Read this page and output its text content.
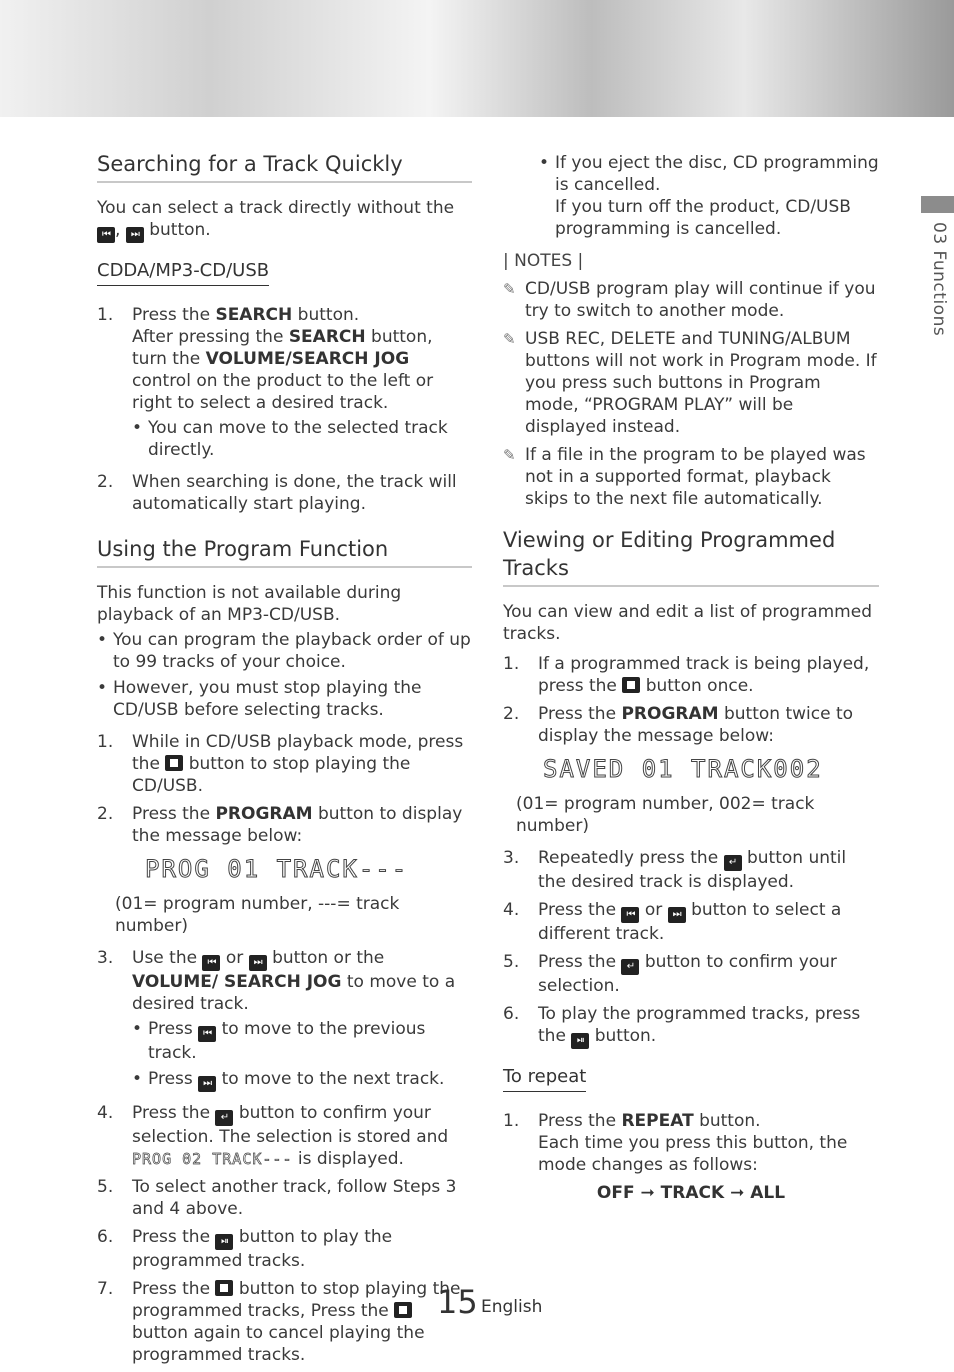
03 Functions
Searching for a Track Quickly
You can select a track directly without the ⏮ , ⏭ button.
CDDA/MP3-CD/USB
1.	Press the SEARCH button.
After pressing the SEARCH button, turn the VOLUME/SEARCH JOG control on the product to the left or right to select a desired track.
• You can move to the selected track directly.
2.	When searching is done, the track will automatically start playing.
Using the Program Function
This function is not available during playback of an MP3-CD/USB.
• You can program the playback order of up to 99 tracks of your choice.
• However, you must stop playing the CD/USB before selecting tracks.
1.	While in CD/USB playback mode, press the button to stop playing the CD/USB.
2.	Press the PROGRAM button to display the message below:
PROG 01 TRACK---
(01= program number, ---= track number)
3.	Use the ⏮ or ⏭ button or the VOLUME/ SEARCH JOG to move to a desired track.
• Press ⏮ to move to the previous track.
• Press ⏭ to move to the next track.
4.	Press the ↵ button to confirm your selection. The selection is stored and PROG 02 TRACK--- is displayed.
5.	To select another track, follow Steps 3 and 4 above.
6.	Press the ⏯ button to play the programmed tracks.
7.	Press the button to stop playing the programmed tracks, Press the  button again to cancel playing the programmed tracks.
• If you eject the disc, CD programming is cancelled.
If you turn off the product, CD/USB programming is cancelled.
| NOTES |
✎ CD/USB program play will continue if you try to switch to another mode.
✎ USB REC, DELETE and TUNING/ALBUM buttons will not work in Program mode. If you press such buttons in Program mode, “PROGRAM PLAY” will be displayed instead.
✎ If a file in the program to be played was not in a supported format, playback skips to the next file automatically.
Viewing or Editing Programmed Tracks
You can view and edit a list of programmed tracks.
1.	If a programmed track is being played, press the button once.
2.	Press the PROGRAM button twice to display the message below:
SAVED 01 TRACK002
(01= program number, 002= track number)
3.	Repeatedly press the ↵ button until the desired track is displayed.
4.	Press the ⏮ or ⏭ button to select a different track.
5.	Press the ↵ button to confirm your selection.
6.	To play the programmed tracks, press the ⏯ button.
To repeat
1.	Press the REPEAT button.
Each time you press this button, the mode changes as follows:
OFF ➞ TRACK ➞ ALL
15 English
